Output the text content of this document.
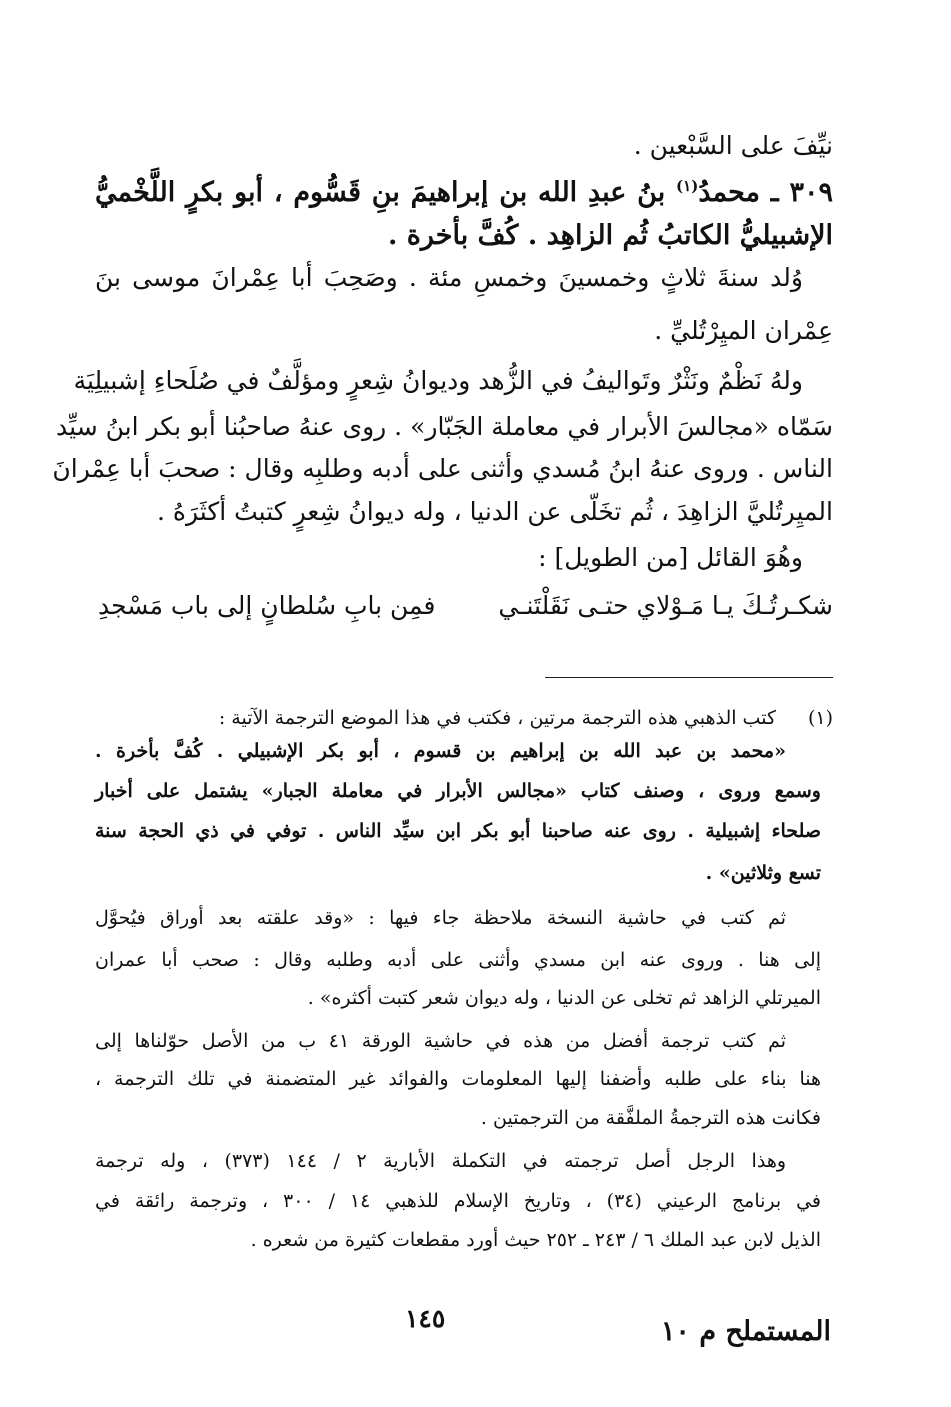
نيِّفَ على السَّبْعين .
٣٠٩ ـ محمدُ$^{(١)}$ بنُ عبدِ الله بن إبراهيمَ بنِ قَسُّوم ، أبو بكرٍ اللَّخْميُّ
الإشبيليُّ الكاتبُ ثُم الزاهِد . كُفَّ بأخرة .
وُلد سنةَ ثلاثٍ وخمسينَ وخمسِ مئة . وصَحِبَ أبا عِمْرانَ موسى بنَ
عِمْران الميِرْتُليِّ .
ولهُ نَظْمٌ ونَثْرٌ وتَواليفُ في الزُّهد وديوانُ شِعرٍ ومؤلَّفٌ في صُلَحاءِ إشبيلِيَة
سَمّاه «مجالسَ الأبرار في معاملة الجَبّار» . روى عنهُ صاحبُنا أبو بكر ابنُ سيِّد
الناس . وروى عنهُ ابنُ مُسدي وأثنى على أدبه وطلبِه وقال : صحبَ أبا عِمْرانَ
الميِرتُليَّ الزاهِدَ ، ثُم تخَلّى عن الدنيا ، وله ديوانُ شِعرٍ كتبتُ أكثَرَهُ .
وهُوَ القائل [من الطويل] :
شكـرتُـكَ يـا مَـوْلاي حتـى نَقَلْتَنـي
فمِن بابِ سُلطانٍ إلى باب مَسْجدِ
(١)
كتب الذهبي هذه الترجمة مرتين ، فكتب في هذا الموضع الترجمة الآتية :
«محمد بن عبد الله بن إبراهيم بن قسوم ، أبو بكر الإشبيلي . كُفَّ بأخرة .
وسمع وروى ، وصنف كتاب «مجالس الأبرار في معاملة الجبار» يشتمل على أخبار
صلحاء إشبيلية . روى عنه صاحبنا أبو بكر ابن سيِّد الناس . توفي في ذي الحجة سنة
تسع وثلاثين» .
ثم كتب في حاشية النسخة ملاحظة جاء فيها : «وقد علقته بعد أوراق فيُحوَّل
إلى هنا . وروى عنه ابن مسدي وأثنى على أدبه وطلبه وقال : صحب أبا عمران
الميرتلي الزاهد ثم تخلى عن الدنيا ، وله ديوان شعر كتبت أكثره» .
ثم كتب ترجمة أفضل من هذه في حاشية الورقة ٤١ ب من الأصل حوّلناها إلى
هنا بناء على طلبه وأضفنا إليها المعلومات والفوائد غير المتضمنة في تلك الترجمة ،
فكانت هذه الترجمةُ الملفَّقة من الترجمتين .
وهذا الرجل أصل ترجمته في التكملة الأبارية ٢ / ١٤٤ (٣٧٣) ، وله ترجمة
في برنامج الرعيني (٣٤) ، وتاريخ الإسلام للذهبي ١٤ / ٣٠٠ ، وترجمة رائقة في
الذيل لابن عبد الملك ٦ / ٢٤٣ ـ ٢٥٢ حيث أورد مقطعات كثيرة من شعره .
١٤٥	المستملح م ١٠
